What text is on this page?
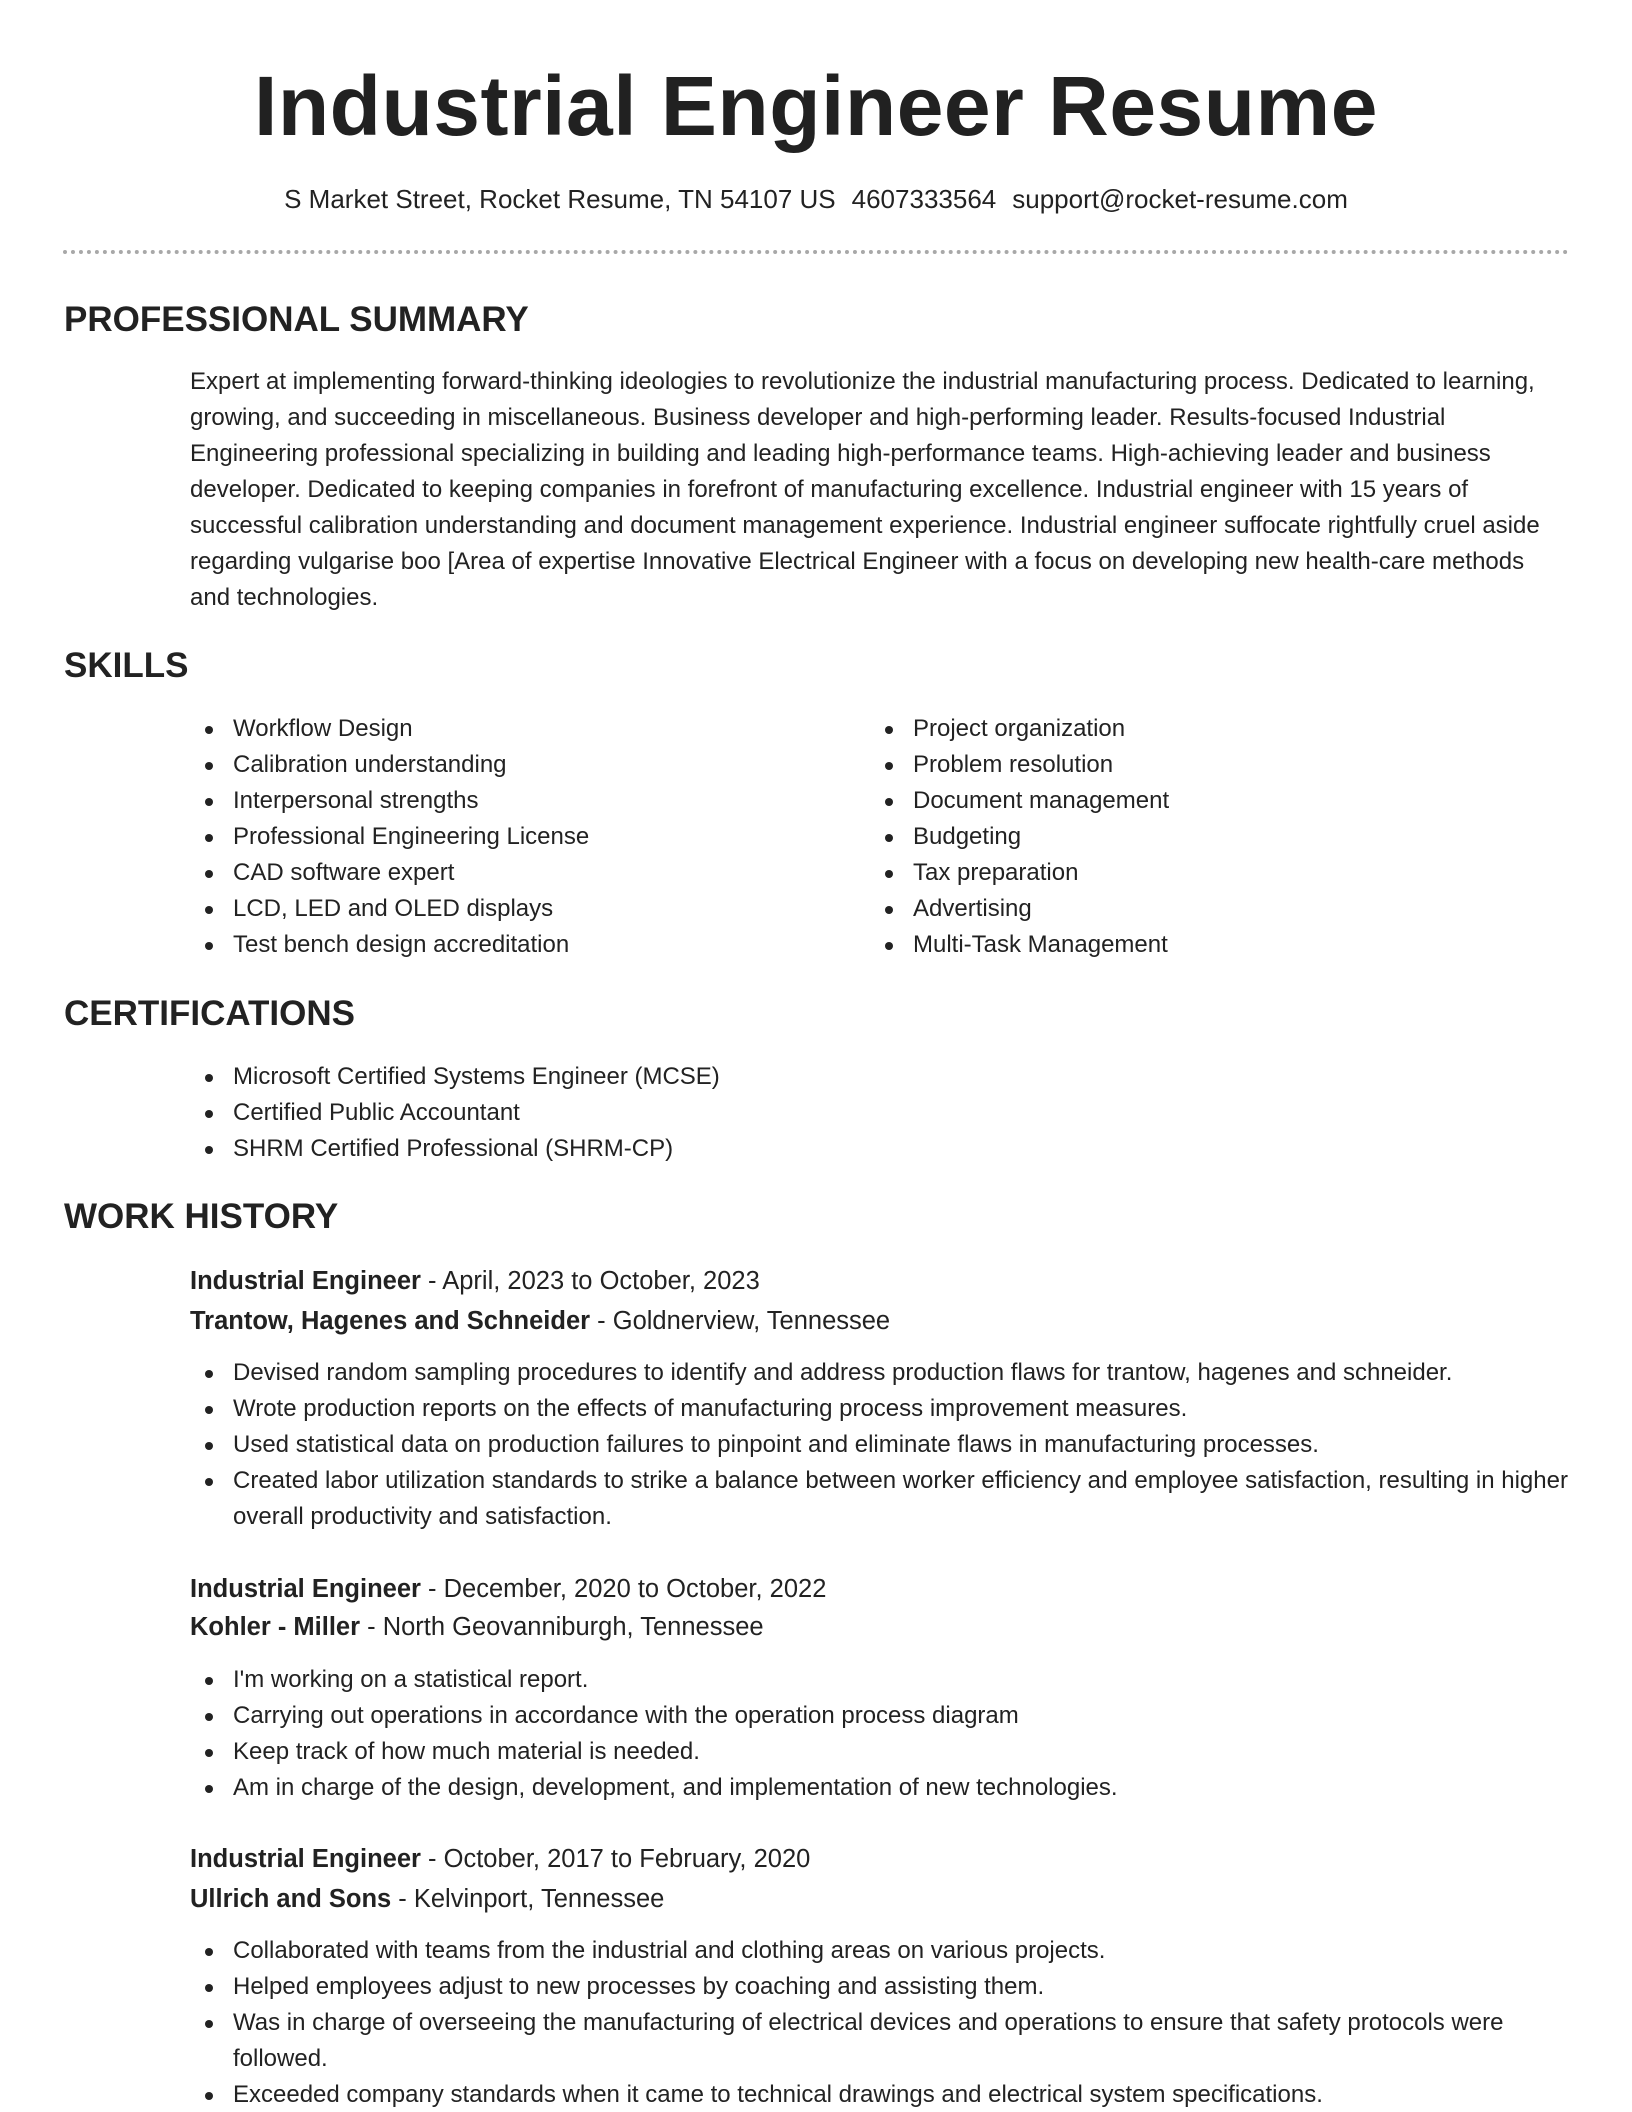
Industrial Engineer Resume
S Market Street, Rocket Resume, TN 54107 US 4607333564 support@rocket-resume.com
PROFESSIONAL SUMMARY

Expert at implementing forward-thinking ideologies to revolutionize the industrial manufacturing process. Dedicated to learning, growing, and succeeding in miscellaneous. Business developer and high-performing leader. Results-focused Industrial Engineering professional specializing in building and leading high-performance teams. High-achieving leader and business developer. Dedicated to keeping companies in forefront of manufacturing excellence. Industrial engineer with 15 years of successful calibration understanding and document management experience. Industrial engineer suffocate rightfully cruel aside regarding vulgarise boo [Area of expertise Innovative Electrical Engineer with a focus on developing new health-care methods and technologies.

SKILLS
Workflow Design
Calibration understanding
Interpersonal strengths
Professional Engineering License
CAD software expert
LCD, LED and OLED displays
Test bench design accreditation
Project organization
Problem resolution
Document management
Budgeting
Tax preparation
Advertising
Multi-Task Management
CERTIFICATIONS
Microsoft Certified Systems Engineer (MCSE)
Certified Public Accountant
SHRM Certified Professional (SHRM-CP)
WORK HISTORY
Industrial Engineer - April, 2023 to October, 2023
Trantow, Hagenes and Schneider - Goldnerview, Tennessee
Devised random sampling procedures to identify and address production flaws for trantow, hagenes and schneider.
Wrote production reports on the effects of manufacturing process improvement measures.
Used statistical data on production failures to pinpoint and eliminate flaws in manufacturing processes.
Created labor utilization standards to strike a balance between worker efficiency and employee satisfaction, resulting in higher overall productivity and satisfaction.
Industrial Engineer - December, 2020 to October, 2022
Kohler - Miller - North Geovanniburgh, Tennessee
I'm working on a statistical report.
Carrying out operations in accordance with the operation process diagram
Keep track of how much material is needed.
Am in charge of the design, development, and implementation of new technologies.
Industrial Engineer - October, 2017 to February, 2020
Ullrich and Sons - Kelvinport, Tennessee
Collaborated with teams from the industrial and clothing areas on various projects.
Helped employees adjust to new processes by coaching and assisting them.
Was in charge of overseeing the manufacturing of electrical devices and operations to ensure that safety protocols were followed.
Exceeded company standards when it came to technical drawings and electrical system specifications.
